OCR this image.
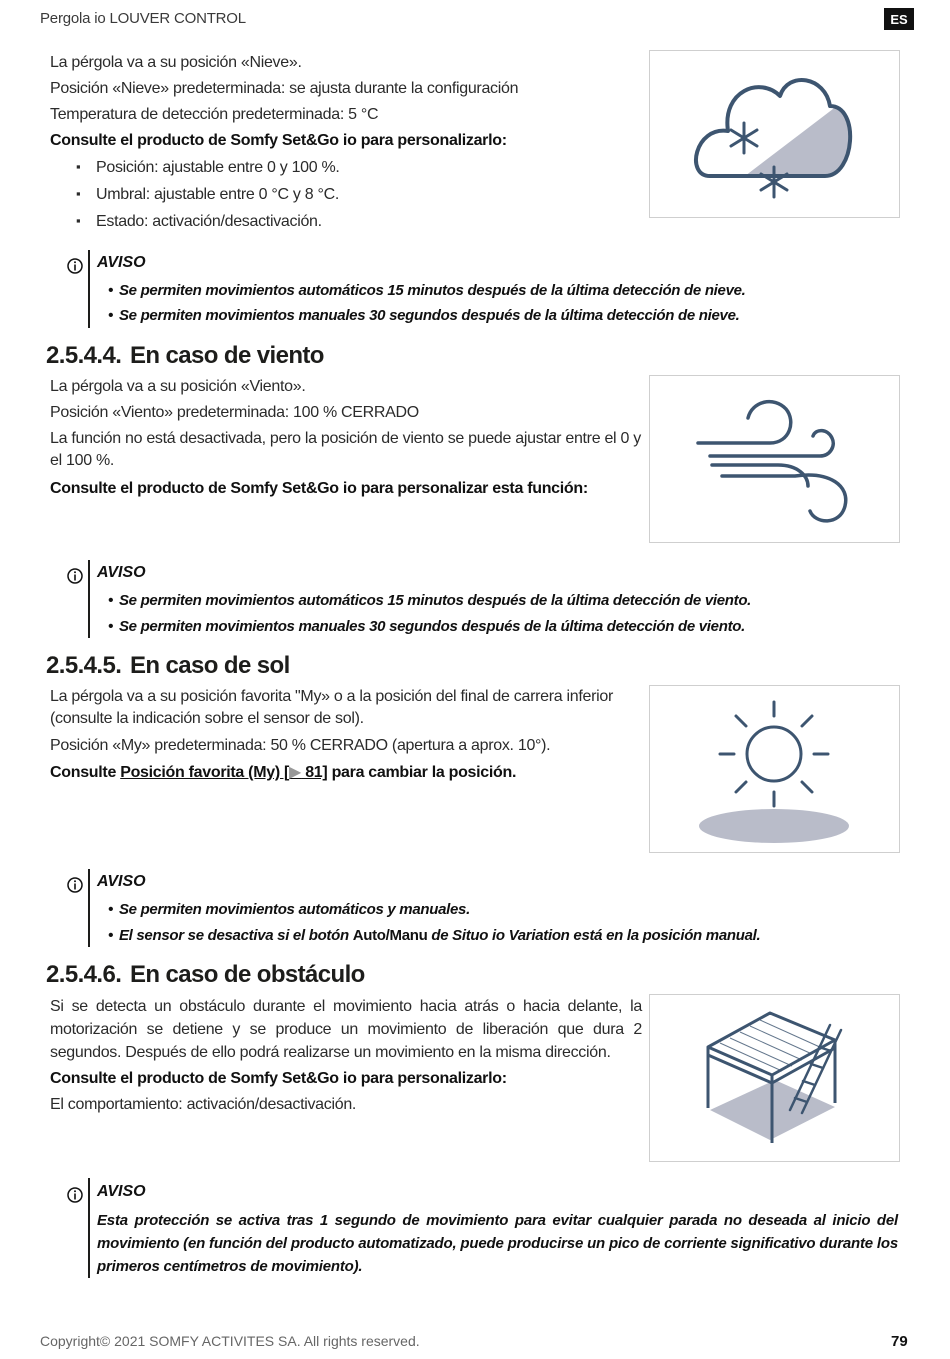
Pergola io LOUVER CONTROL	ES
La pérgola va a su posición «Nieve».
Posición «Nieve» predeterminada: se ajusta durante la configuración
Temperatura de detección predeterminada: 5 °C
Consulte el producto de Somfy Set&Go io para personalizarlo:
▪ Posición: ajustable entre 0 y 100 %.
▪ Umbral: ajustable entre 0 °C y 8 °C.
▪ Estado: activación/desactivación.
AVISO
• Se permiten movimientos automáticos 15 minutos después de la última detección de nieve.
• Se permiten movimientos manuales 30 segundos después de la última detección de nieve.
2.5.4.4. En caso de viento
La pérgola va a su posición «Viento».
Posición «Viento» predeterminada: 100 % CERRADO
La función no está desactivada, pero la posición de viento se puede ajustar entre el 0 y el 100 %.
Consulte el producto de Somfy Set&Go io para personalizar esta función:
AVISO
• Se permiten movimientos automáticos 15 minutos después de la última detección de viento.
• Se permiten movimientos manuales 30 segundos después de la última detección de viento.
2.5.4.5. En caso de sol
La pérgola va a su posición favorita "My» o a la posición del final de carrera inferior (consulte la indicación sobre el sensor de sol).
Posición «My» predeterminada: 50 % CERRADO (apertura a aprox. 10°).
Consulte Posición favorita (My) [▶ 81] para cambiar la posición.
AVISO
• Se permiten movimientos automáticos y manuales.
• El sensor se desactiva si el botón Auto/Manu de Situo io Variation está en la posición manual.
2.5.4.6. En caso de obstáculo
Si se detecta un obstáculo durante el movimiento hacia atrás o hacia delante, la motorización se detiene y se produce un movimiento de liberación que dura 2 segundos. Después de ello podrá realizarse un movimiento en la misma dirección.
Consulte el producto de Somfy Set&Go io para personalizarlo:
El comportamiento: activación/desactivación.
AVISO
Esta protección se activa tras 1 segundo de movimiento para evitar cualquier parada no deseada al inicio del movimiento (en función del producto automatizado, puede producirse un pico de corriente significativo durante los primeros centímetros de movimiento).
Copyright© 2021 SOMFY ACTIVITES SA. All rights reserved.	79
